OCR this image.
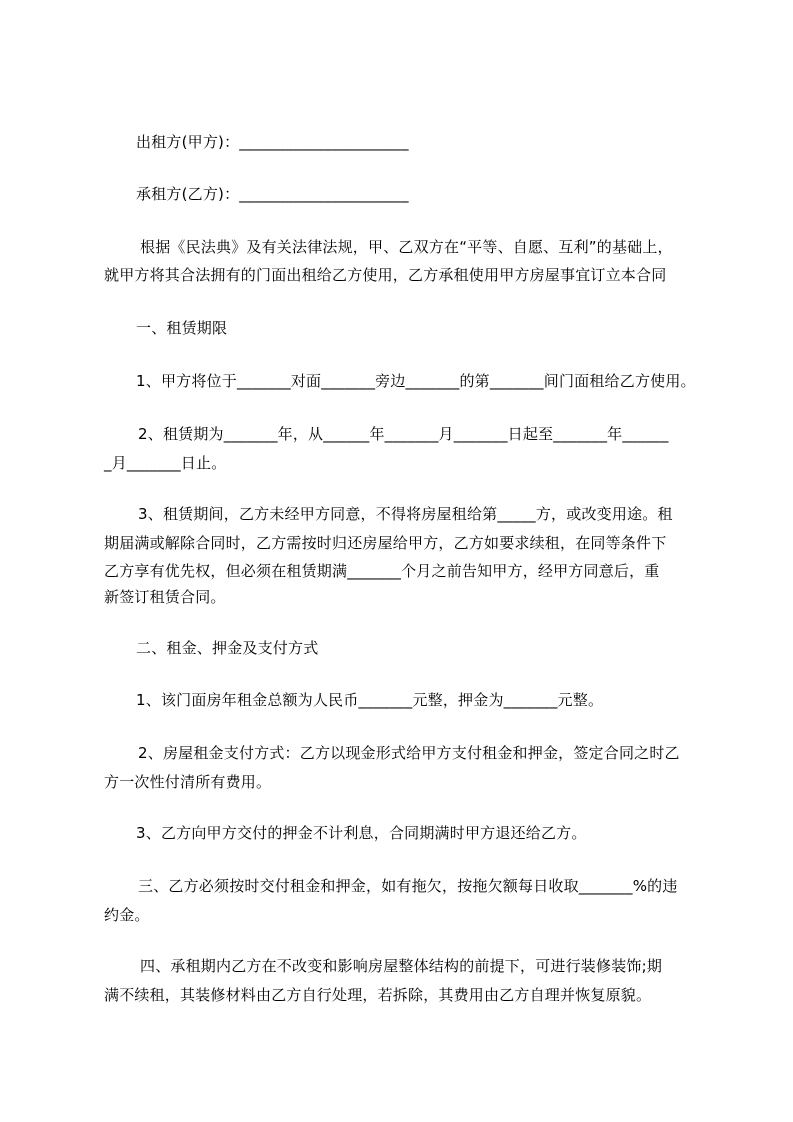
出租方(甲方)：______________________
承租方(乙方)：______________________
根据《民法典》及有关法律法规，甲、乙双方在“平等、自愿、互利”的基础上，
就甲方将其合法拥有的门面出租给乙方使用，乙方承租使用甲方房屋事宜订立本合同
一、租赁期限
1、甲方将位于_______对面_______旁边_______的第_______间门面租给乙方使用。
2、租赁期为_______年，从______年_______月_______日起至_______年______
_月_______日止。
3、租赁期间，乙方未经甲方同意，不得将房屋租给第_____方，或改变用途。租
期届满或解除合同时，乙方需按时归还房屋给甲方，乙方如要求续租，在同等条件下
乙方享有优先权，但必须在租赁期满_______个月之前告知甲方，经甲方同意后，重
新签订租赁合同。
二、租金、押金及支付方式
1、该门面房年租金总额为人民币_______元整，押金为_______元整。
2、房屋租金支付方式：乙方以现金形式给甲方支付租金和押金，签定合同之时乙
方一次性付清所有费用。
3、乙方向甲方交付的押金不计利息，合同期满时甲方退还给乙方。
三、乙方必须按时交付租金和押金，如有拖欠，按拖欠额每日收取_______%的违
约金。
四、承租期内乙方在不改变和影响房屋整体结构的前提下，可进行装修装饰;期
满不续租，其装修材料由乙方自行处理，若拆除，其费用由乙方自理并恢复原貌。
